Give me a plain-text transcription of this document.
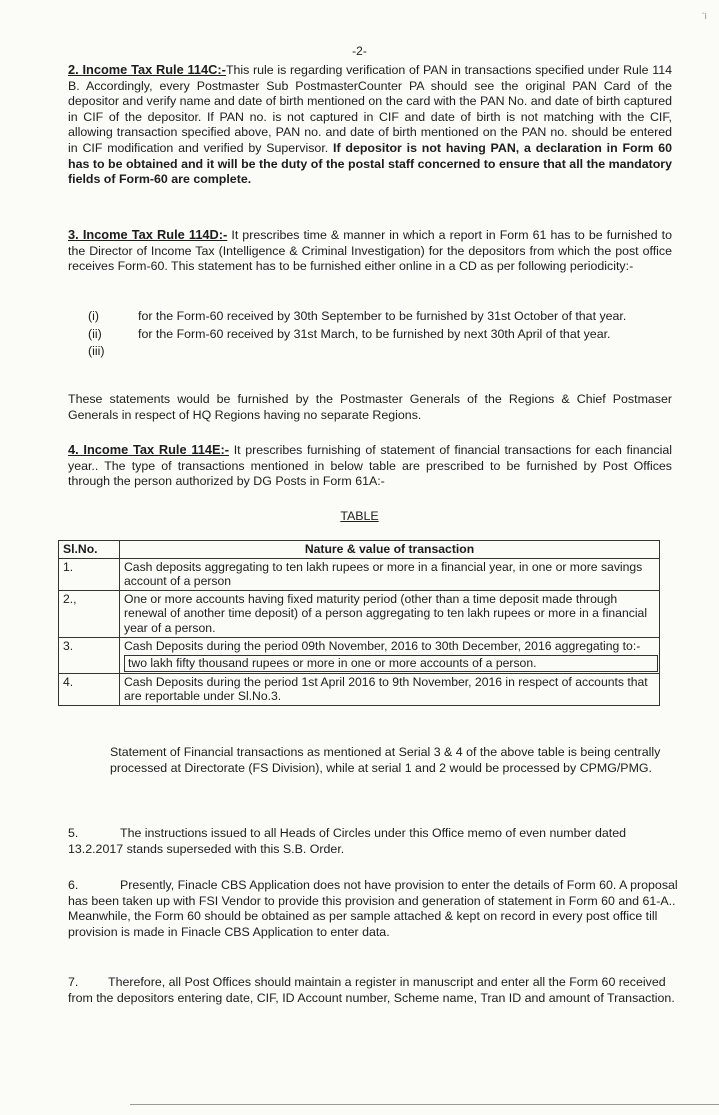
´ì
-2-
2. Income Tax Rule 114C:-This rule is regarding verification of PAN in transactions specified under Rule 114 B. Accordingly, every Postmaster Sub PostmasterCounter PA should see the original PAN Card of the depositor and verify name and date of birth mentioned on the card with the PAN No. and date of birth captured in CIF of the depositor. If PAN no. is not captured in CIF and date of birth is not matching with the CIF, allowing transaction specified above, PAN no. and date of birth mentioned on the PAN no. should be entered in CIF modification and verified by Supervisor. If depositor is not having PAN, a declaration in Form 60 has to be obtained and it will be the duty of the postal staff concerned to ensure that all the mandatory fields of Form-60 are complete.
3. Income Tax Rule 114D:- It prescribes time & manner in which a report in Form 61 has to be furnished to the Director of Income Tax (Intelligence & Criminal Investigation) for the depositors from which the post office receives Form-60. This statement has to be furnished either online in a CD as per following periodicity:-
(i)	for the Form-60 received by 30th September to be furnished by 31st October of that year.
(ii)	for the Form-60 received by 31st March, to be furnished by next 30th April of that year.
(iii)
These statements would be furnished by the Postmaster Generals of the Regions & Chief Postmaser Generals in respect of HQ Regions having no separate Regions.
4. Income Tax Rule 114E:- It prescribes furnishing of statement of financial transactions for each financial year.. The type of transactions mentioned in below table are prescribed to be furnished by Post Offices through the person authorized by DG Posts in Form 61A:-
TABLE
Sl.No.	Nature & value of transaction
1.	Cash deposits aggregating to ten lakh rupees or more in a financial year, in one or more savings account of a person
2.,	One or more accounts having fixed maturity period (other than a time deposit made through renewal of another time deposit) of a person aggregating to ten lakh rupees or more in a financial year of a person.
3.	Cash Deposits during the period 09th November, 2016 to 30th December, 2016 aggregating to:-
two lakh fifty thousand rupees or more in one or more accounts of a person.

4.	Cash Deposits during the period 1st April 2016 to 9th November, 2016 in respect of accounts that are reportable under Sl.No.3.
Statement of Financial transactions as mentioned at Serial 3 & 4 of the above table is being centrally processed at Directorate (FS Division), while at serial 1 and 2 would be processed by CPMG/PMG.
5.	The instructions issued to all Heads of Circles under this Office memo of even number dated 13.2.2017 stands superseded with this S.B. Order.
6.	Presently, Finacle CBS Application does not have provision to enter the details of Form 60. A proposal has been taken up with FSI Vendor to provide this provision and generation of statement in Form 60 and 61-A.. Meanwhile, the Form 60 should be obtained as per sample attached & kept on record in every post office till provision is made in Finacle CBS Application to enter data.
7. Therefore, all Post Offices should maintain a register in manuscript and enter all the Form 60 received from the depositors entering date, CIF, ID Account number, Scheme name, Tran ID and amount of Transaction.
